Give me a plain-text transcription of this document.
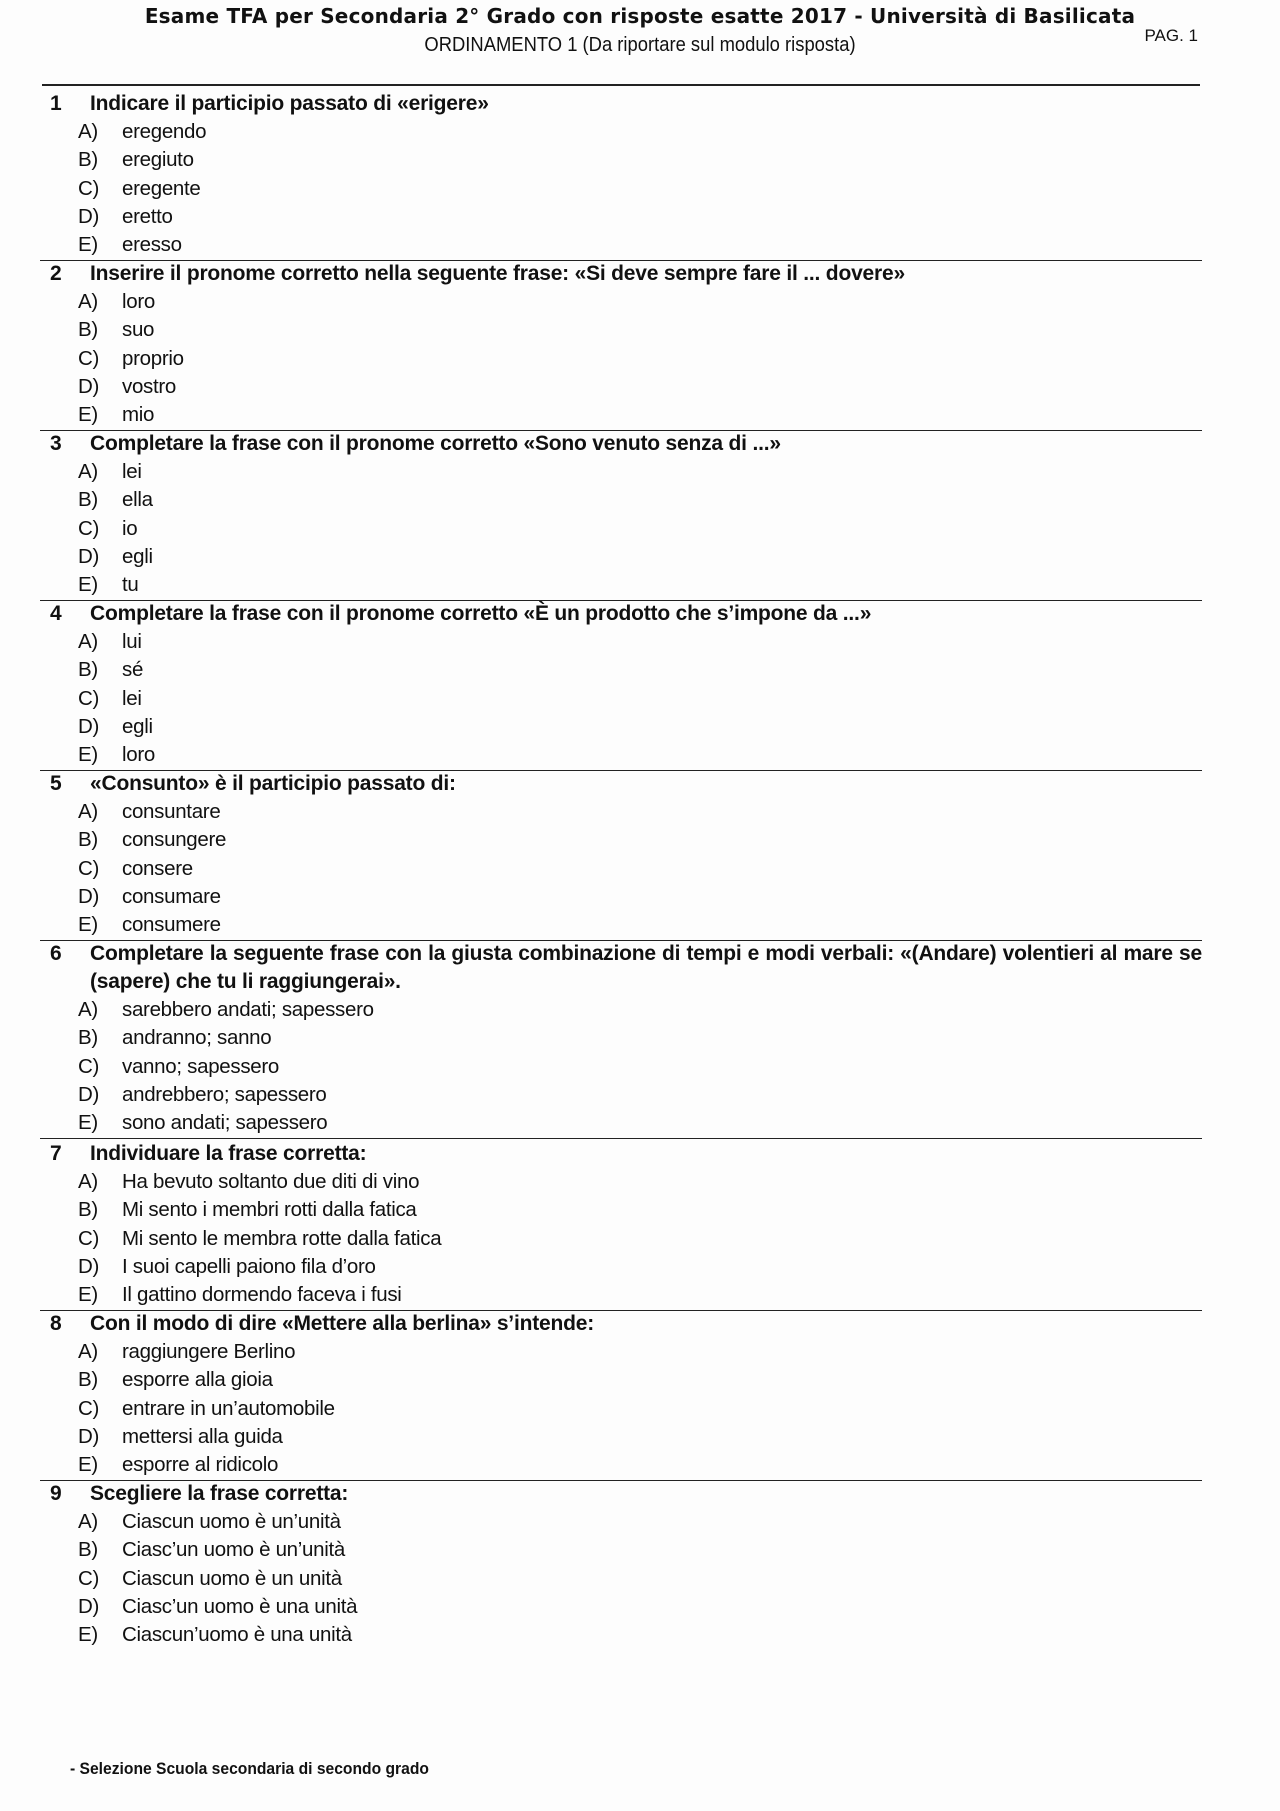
Esame TFA per Secondaria 2° Grado con risposte esatte 2017 - Università di Basilicata
ORDINAMENTO 1 (Da riportare sul modulo risposta)	PAG. 1
1	Indicare il participio passato di «erigere»
A)	eregendo
B)	eregiuto
C)	eregente
D)	eretto
E)	eresso
2	Inserire il pronome corretto nella seguente frase: «Si deve sempre fare il ... dovere»
A)	loro
B)	suo
C)	proprio
D)	vostro
E)	mio
3	Completare la frase con il pronome corretto «Sono venuto senza di ...»
A)	lei
B)	ella
C)	io
D)	egli
E)	tu
4	Completare la frase con il pronome corretto «È un prodotto che s’impone da ...»
A)	lui
B)	sé
C)	lei
D)	egli
E)	loro
5	«Consunto» è il participio passato di:
A)	consuntare
B)	consungere
C)	consere
D)	consumare
E)	consumere
6	Completare la seguente frase con la giusta combinazione di tempi e modi verbali: «(Andare) volentieri al mare se (sapere) che tu li raggiungerai».
A)	sarebbero andati; sapessero
B)	andranno; sanno
C)	vanno; sapessero
D)	andrebbero; sapessero
E)	sono andati; sapessero
7	Individuare la frase corretta:
A)	Ha bevuto soltanto due diti di vino
B)	Mi sento i membri rotti dalla fatica
C)	Mi sento le membra rotte dalla fatica
D)	I suoi capelli paiono fila d’oro
E)	Il gattino dormendo faceva i fusi
8	Con il modo di dire «Mettere alla berlina» s’intende:
A)	raggiungere Berlino
B)	esporre alla gioia
C)	entrare in un’automobile
D)	mettersi alla guida
E)	esporre al ridicolo
9	Scegliere la frase corretta:
A)	Ciascun uomo è un’unità
B)	Ciasc’un uomo è un’unità
C)	Ciascun uomo è un unità
D)	Ciasc’un uomo è una unità
E)	Ciascun’uomo è una unità
- Selezione Scuola secondaria di secondo grado
